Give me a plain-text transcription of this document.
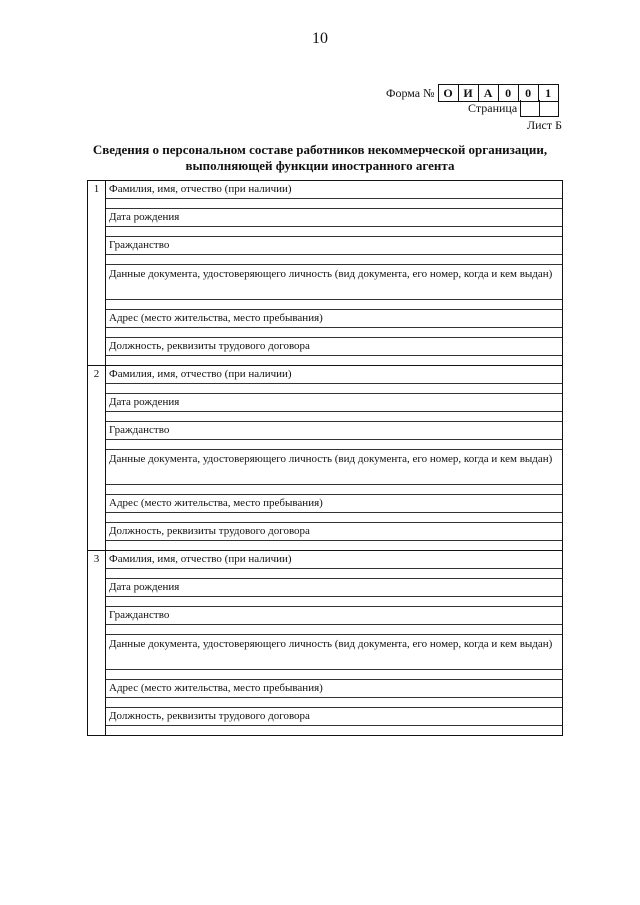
10
Форма № О И А	0	0	1
Страница
Лист Б
Сведения о персональном составе работников некоммерческой организации,
выполняющей функции иностранного агента
1 Фамилия, имя, отчество (при наличии)
Дата рождения
Гражданство
Данные документа, удостоверяющего личность (вид документа, его номер, когда и кем выдан)
Адрес (место жительства, место пребывания)
Должность, реквизиты трудового договора
2 Фамилия, имя, отчество (при наличии)
Дата рождения
Гражданство
Данные документа, удостоверяющего личность (вид документа, его номер, когда и кем выдан)
Адрес (место жительства, место пребывания)
Должность, реквизиты трудового договора
3 Фамилия, имя, отчество (при наличии)
Дата рождения
Гражданство
Данные документа, удостоверяющего личность (вид документа, его номер, когда и кем выдан)
Адрес (место жительства, место пребывания)
Должность, реквизиты трудового договора
